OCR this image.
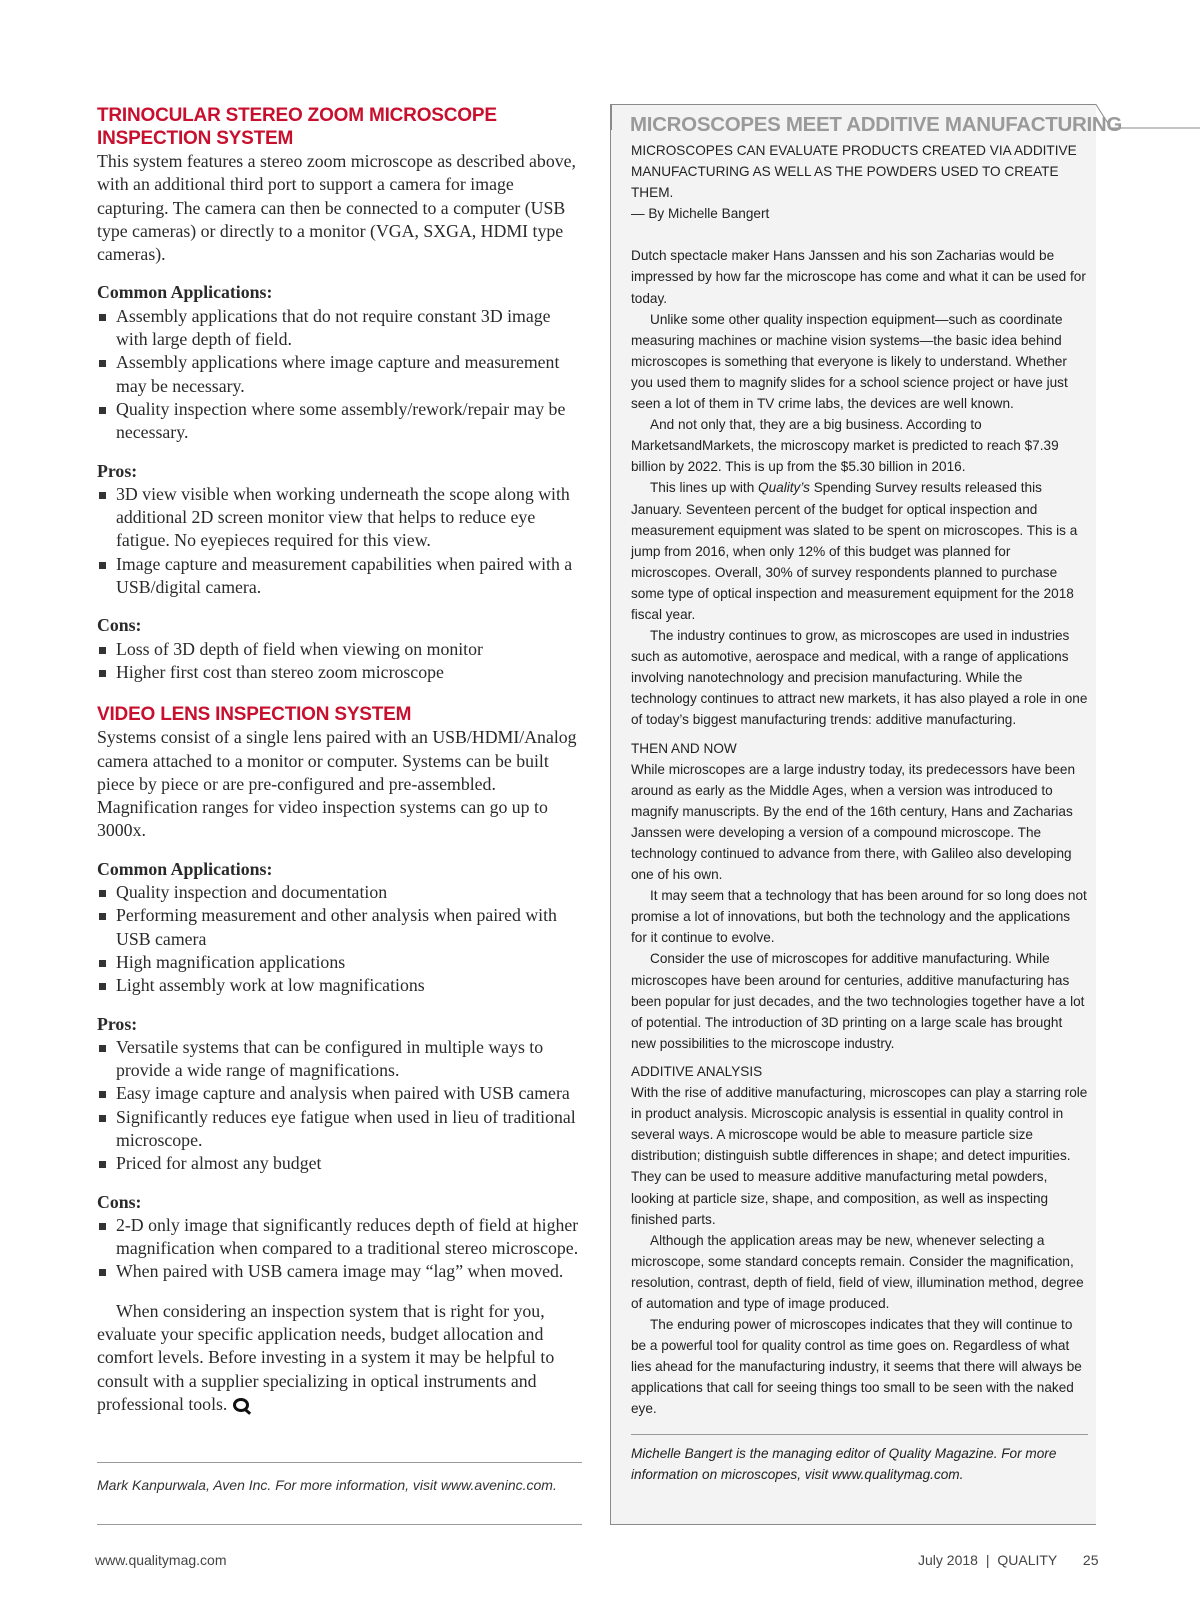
TRINOCULAR STEREO ZOOM MICROSCOPE
INSPECTION SYSTEM

This system features a stereo zoom microscope as described above, with an additional third port to support a camera for image capturing. The camera can then be connected to a computer (USB type cameras) or directly to a monitor (VGA, SXGA, HDMI type cameras).

Common Applications:

Assembly applications that do not require constant 3D image with large depth of field.
Assembly applications where image capture and measurement may be necessary.
Quality inspection where some assembly/rework/repair may be necessary.

Pros:

3D view visible when working underneath the scope along with additional 2D screen monitor view that helps to reduce eye fatigue. No eyepieces required for this view.
Image capture and measurement capabilities when paired with a USB/digital camera.

Cons:

Loss of 3D depth of field when viewing on monitor
Higher first cost than stereo zoom microscope

VIDEO LENS INSPECTION SYSTEM

Systems consist of a single lens paired with an USB/HDMI/Analog camera attached to a monitor or computer. Systems can be built piece by piece or are pre-configured and pre-assembled. Magnification ranges for video inspection systems can go up to 3000x.

Common Applications:

Quality inspection and documentation
Performing measurement and other analysis when paired with USB camera
High magnification applications
Light assembly work at low magnifications

Pros:

Versatile systems that can be configured in multiple ways to provide a wide range of magnifications.
Easy image capture and analysis when paired with USB camera
Significantly reduces eye fatigue when used in lieu of traditional microscope.
Priced for almost any budget

Cons:

2-D only image that significantly reduces depth of field at higher magnification when compared to a traditional stereo microscope.
When paired with USB camera image may “lag” when moved.

When considering an inspection system that is right for you, evaluate your specific application needs, budget allocation and comfort levels. Before investing in a system it may be helpful to consult with a supplier specializing in optical instruments and professional tools.

Mark Kanpurwala, Aven Inc. For more information, visit www.aveninc.com.
MICROSCOPES MEET ADDITIVE MANUFACTURING

MICROSCOPES CAN EVALUATE PRODUCTS CREATED VIA ADDITIVE MANUFACTURING AS WELL AS THE POWDERS USED TO CREATE THEM.

— By Michelle Bangert

Dutch spectacle maker Hans Janssen and his son Zacharias would be impressed by how far the microscope has come and what it can be used for today.

Unlike some other quality inspection equipment—such as coordinate measuring machines or machine vision systems—the basic idea behind microscopes is something that everyone is likely to understand. Whether you used them to magnify slides for a school science project or have just seen a lot of them in TV crime labs, the devices are well known.

And not only that, they are a big business. According to MarketsandMarkets, the microscopy market is predicted to reach $7.39 billion by 2022. This is up from the $5.30 billion in 2016.

This lines up with Quality’s Spending Survey results released this January. Seventeen percent of the budget for optical inspection and measurement equipment was slated to be spent on microscopes. This is a jump from 2016, when only 12% of this budget was planned for microscopes. Overall, 30% of survey respondents planned to purchase some type of optical inspection and measurement equipment for the 2018 fiscal year.

The industry continues to grow, as microscopes are used in industries such as automotive, aerospace and medical, with a range of applications involving nanotechnology and precision manufacturing. While the technology continues to attract new markets, it has also played a role in one of today’s biggest manufacturing trends: additive manufacturing.

THEN AND NOW

While microscopes are a large industry today, its predecessors have been around as early as the Middle Ages, when a version was introduced to magnify manuscripts. By the end of the 16th century, Hans and Zacharias Janssen were developing a version of a compound microscope. The technology continued to advance from there, with Galileo also developing one of his own.

It may seem that a technology that has been around for so long does not promise a lot of innovations, but both the technology and the applications for it continue to evolve.

Consider the use of microscopes for additive manufacturing. While microscopes have been around for centuries, additive manufacturing has been popular for just decades, and the two technologies together have a lot of potential. The introduction of 3D printing on a large scale has brought new possibilities to the microscope industry.

ADDITIVE ANALYSIS

With the rise of additive manufacturing, microscopes can play a starring role in product analysis. Microscopic analysis is essential in quality control in several ways. A microscope would be able to measure particle size distribution; distinguish subtle differences in shape; and detect impurities. They can be used to measure additive manufacturing metal powders, looking at particle size, shape, and composition, as well as inspecting finished parts.

Although the application areas may be new, whenever selecting a microscope, some standard concepts remain. Consider the magnification, resolution, contrast, depth of field, field of view, illumination method, degree of automation and type of image produced.

The enduring power of microscopes indicates that they will continue to be a powerful tool for quality control as time goes on. Regardless of what lies ahead for the manufacturing industry, it seems that there will always be applications that call for seeing things too small to be seen with the naked eye.

Michelle Bangert is the managing editor of Quality Magazine. For more information on microscopes, visit www.qualitymag.com.

www.qualitymag.com	July 2018 | QUALITY 25
